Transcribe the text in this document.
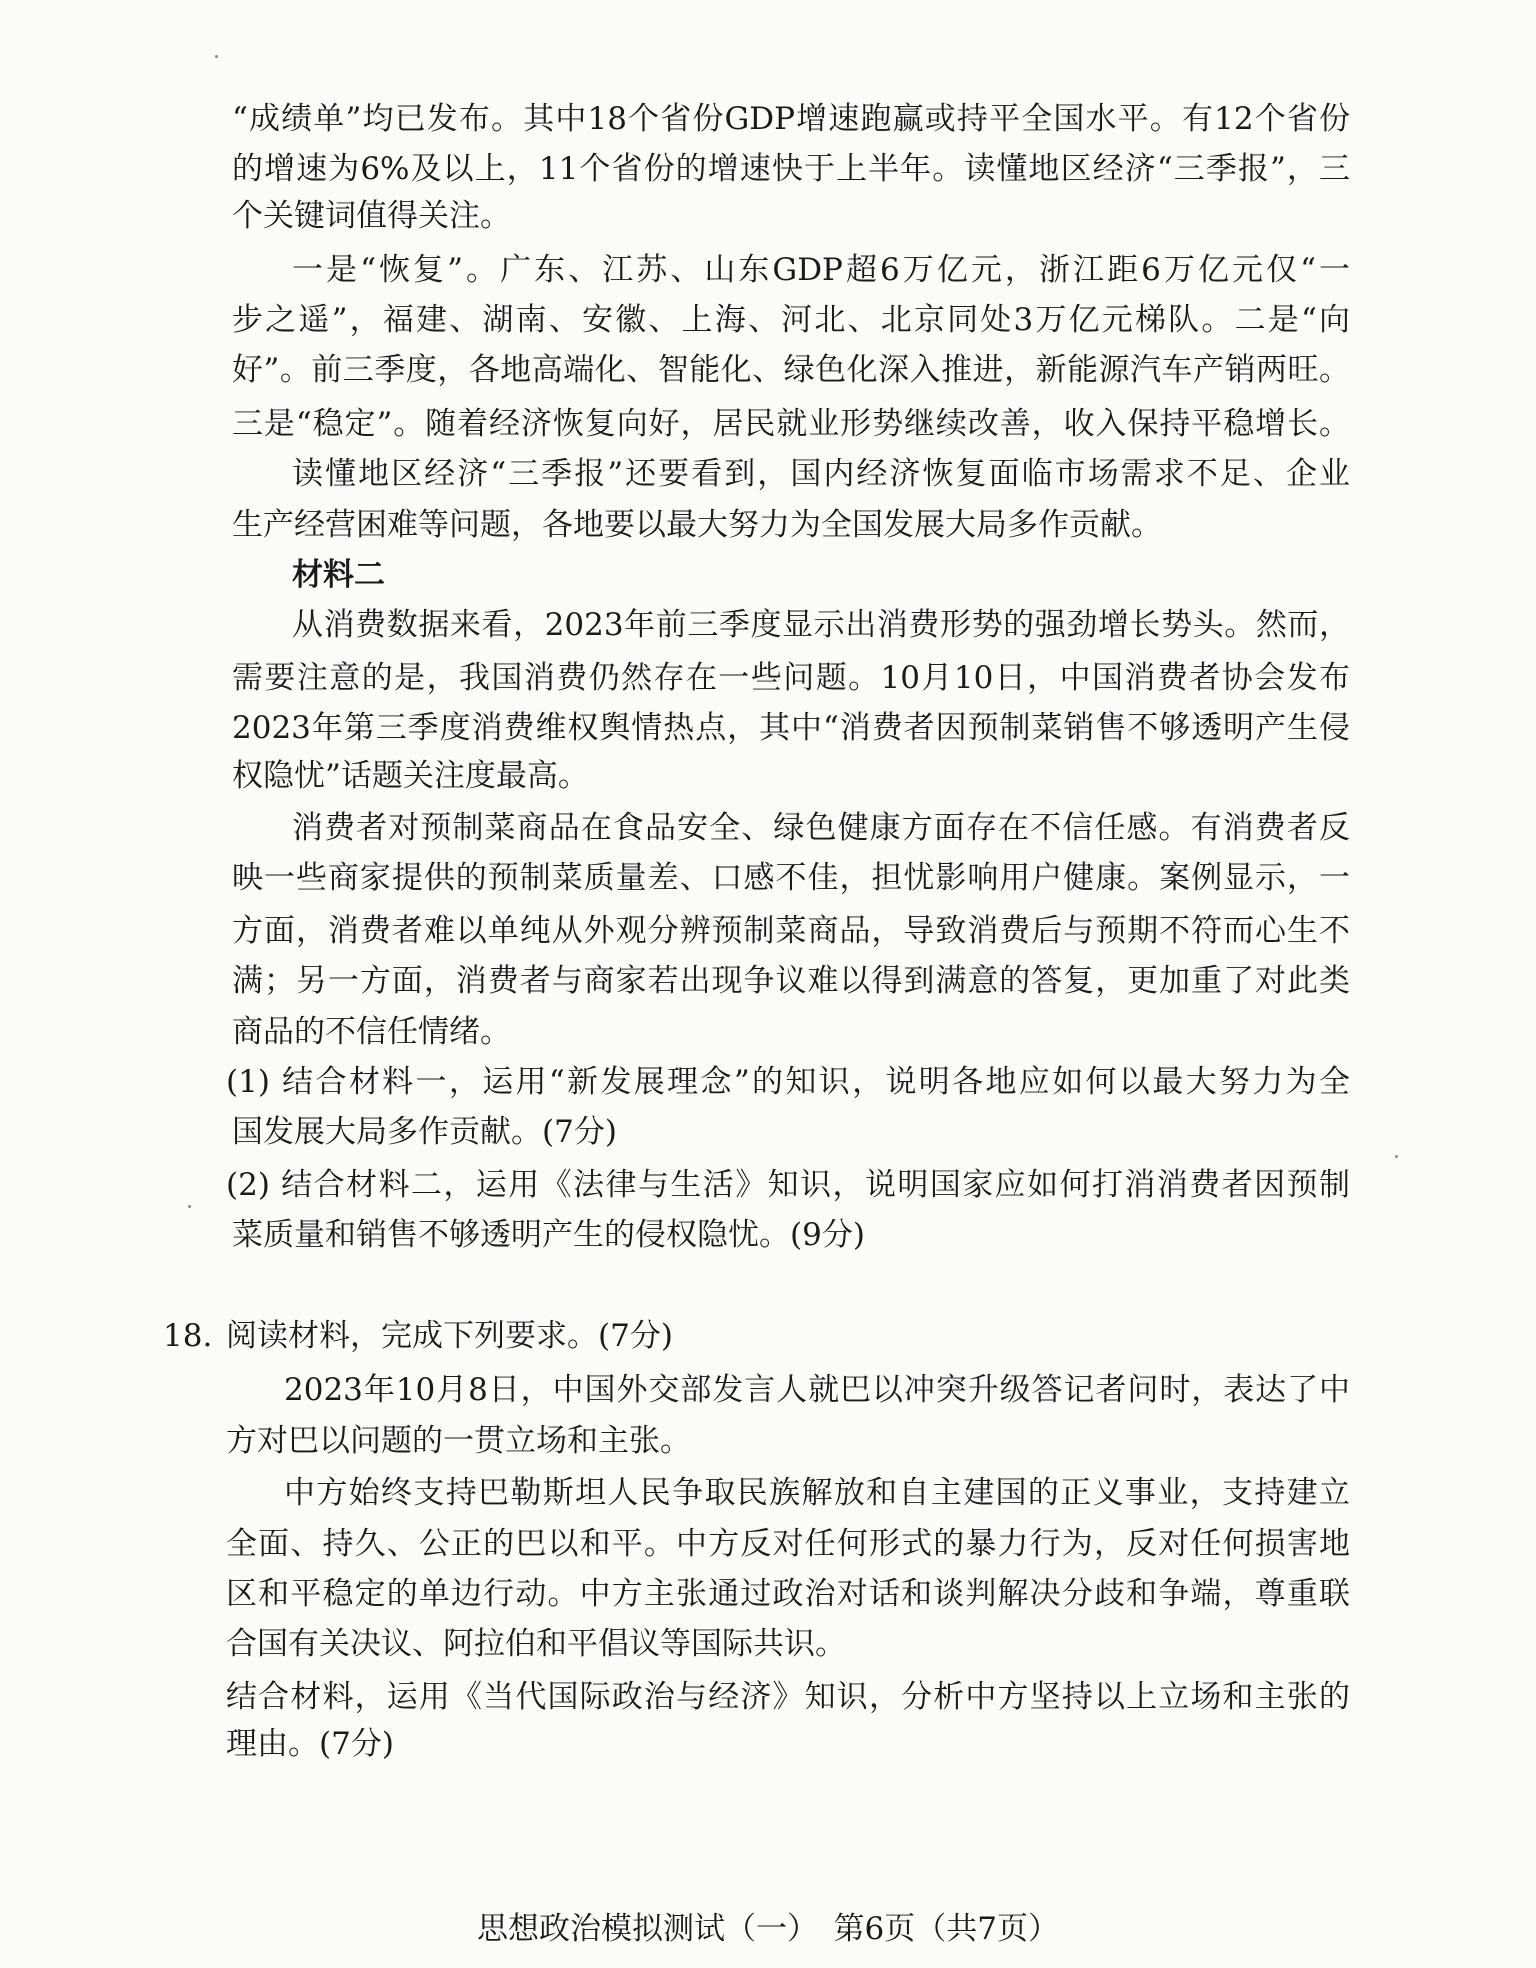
18.
思想政治模拟测试（一）　第6页（共7页）
“成绩单”均已发布。其中18个省份GDP增速跑赢或持平全国水平。有12个省份
的增速为6%及以上，11个省份的增速快于上半年。读懂地区经济“三季报”，三
个关键词值得关注。
一是“恢复”。广东、江苏、山东GDP超6万亿元，浙江距6万亿元仅“一
步之遥”，福建、湖南、安徽、上海、河北、北京同处3万亿元梯队。二是“向
好”。前三季度，各地高端化、智能化、绿色化深入推进，新能源汽车产销两旺。
三是“稳定”。随着经济恢复向好，居民就业形势继续改善，收入保持平稳增长。
读懂地区经济“三季报”还要看到，国内经济恢复面临市场需求不足、企业
生产经营困难等问题，各地要以最大努力为全国发展大局多作贡献。
材料二
从消费数据来看，2023年前三季度显示出消费形势的强劲增长势头。然而，
需要注意的是，我国消费仍然存在一些问题。10月10日，中国消费者协会发布
2023年第三季度消费维权舆情热点，其中“消费者因预制菜销售不够透明产生侵
权隐忧”话题关注度最高。
消费者对预制菜商品在食品安全、绿色健康方面存在不信任感。有消费者反
映一些商家提供的预制菜质量差、口感不佳，担忧影响用户健康。案例显示，一
方面，消费者难以单纯从外观分辨预制菜商品，导致消费后与预期不符而心生不
满；另一方面，消费者与商家若出现争议难以得到满意的答复，更加重了对此类
商品的不信任情绪。
(1) 结合材料一，运用“新发展理念”的知识，说明各地应如何以最大努力为全
国发展大局多作贡献。(7分)
(2) 结合材料二，运用《法律与生活》知识，说明国家应如何打消消费者因预制
菜质量和销售不够透明产生的侵权隐忧。(9分)
阅读材料，完成下列要求。(7分)
2023年10月8日，中国外交部发言人就巴以冲突升级答记者问时，表达了中
方对巴以问题的一贯立场和主张。
中方始终支持巴勒斯坦人民争取民族解放和自主建国的正义事业，支持建立
全面、持久、公正的巴以和平。中方反对任何形式的暴力行为，反对任何损害地
区和平稳定的单边行动。中方主张通过政治对话和谈判解决分歧和争端，尊重联
合国有关决议、阿拉伯和平倡议等国际共识。
结合材料，运用《当代国际政治与经济》知识，分析中方坚持以上立场和主张的
理由。(7分)
